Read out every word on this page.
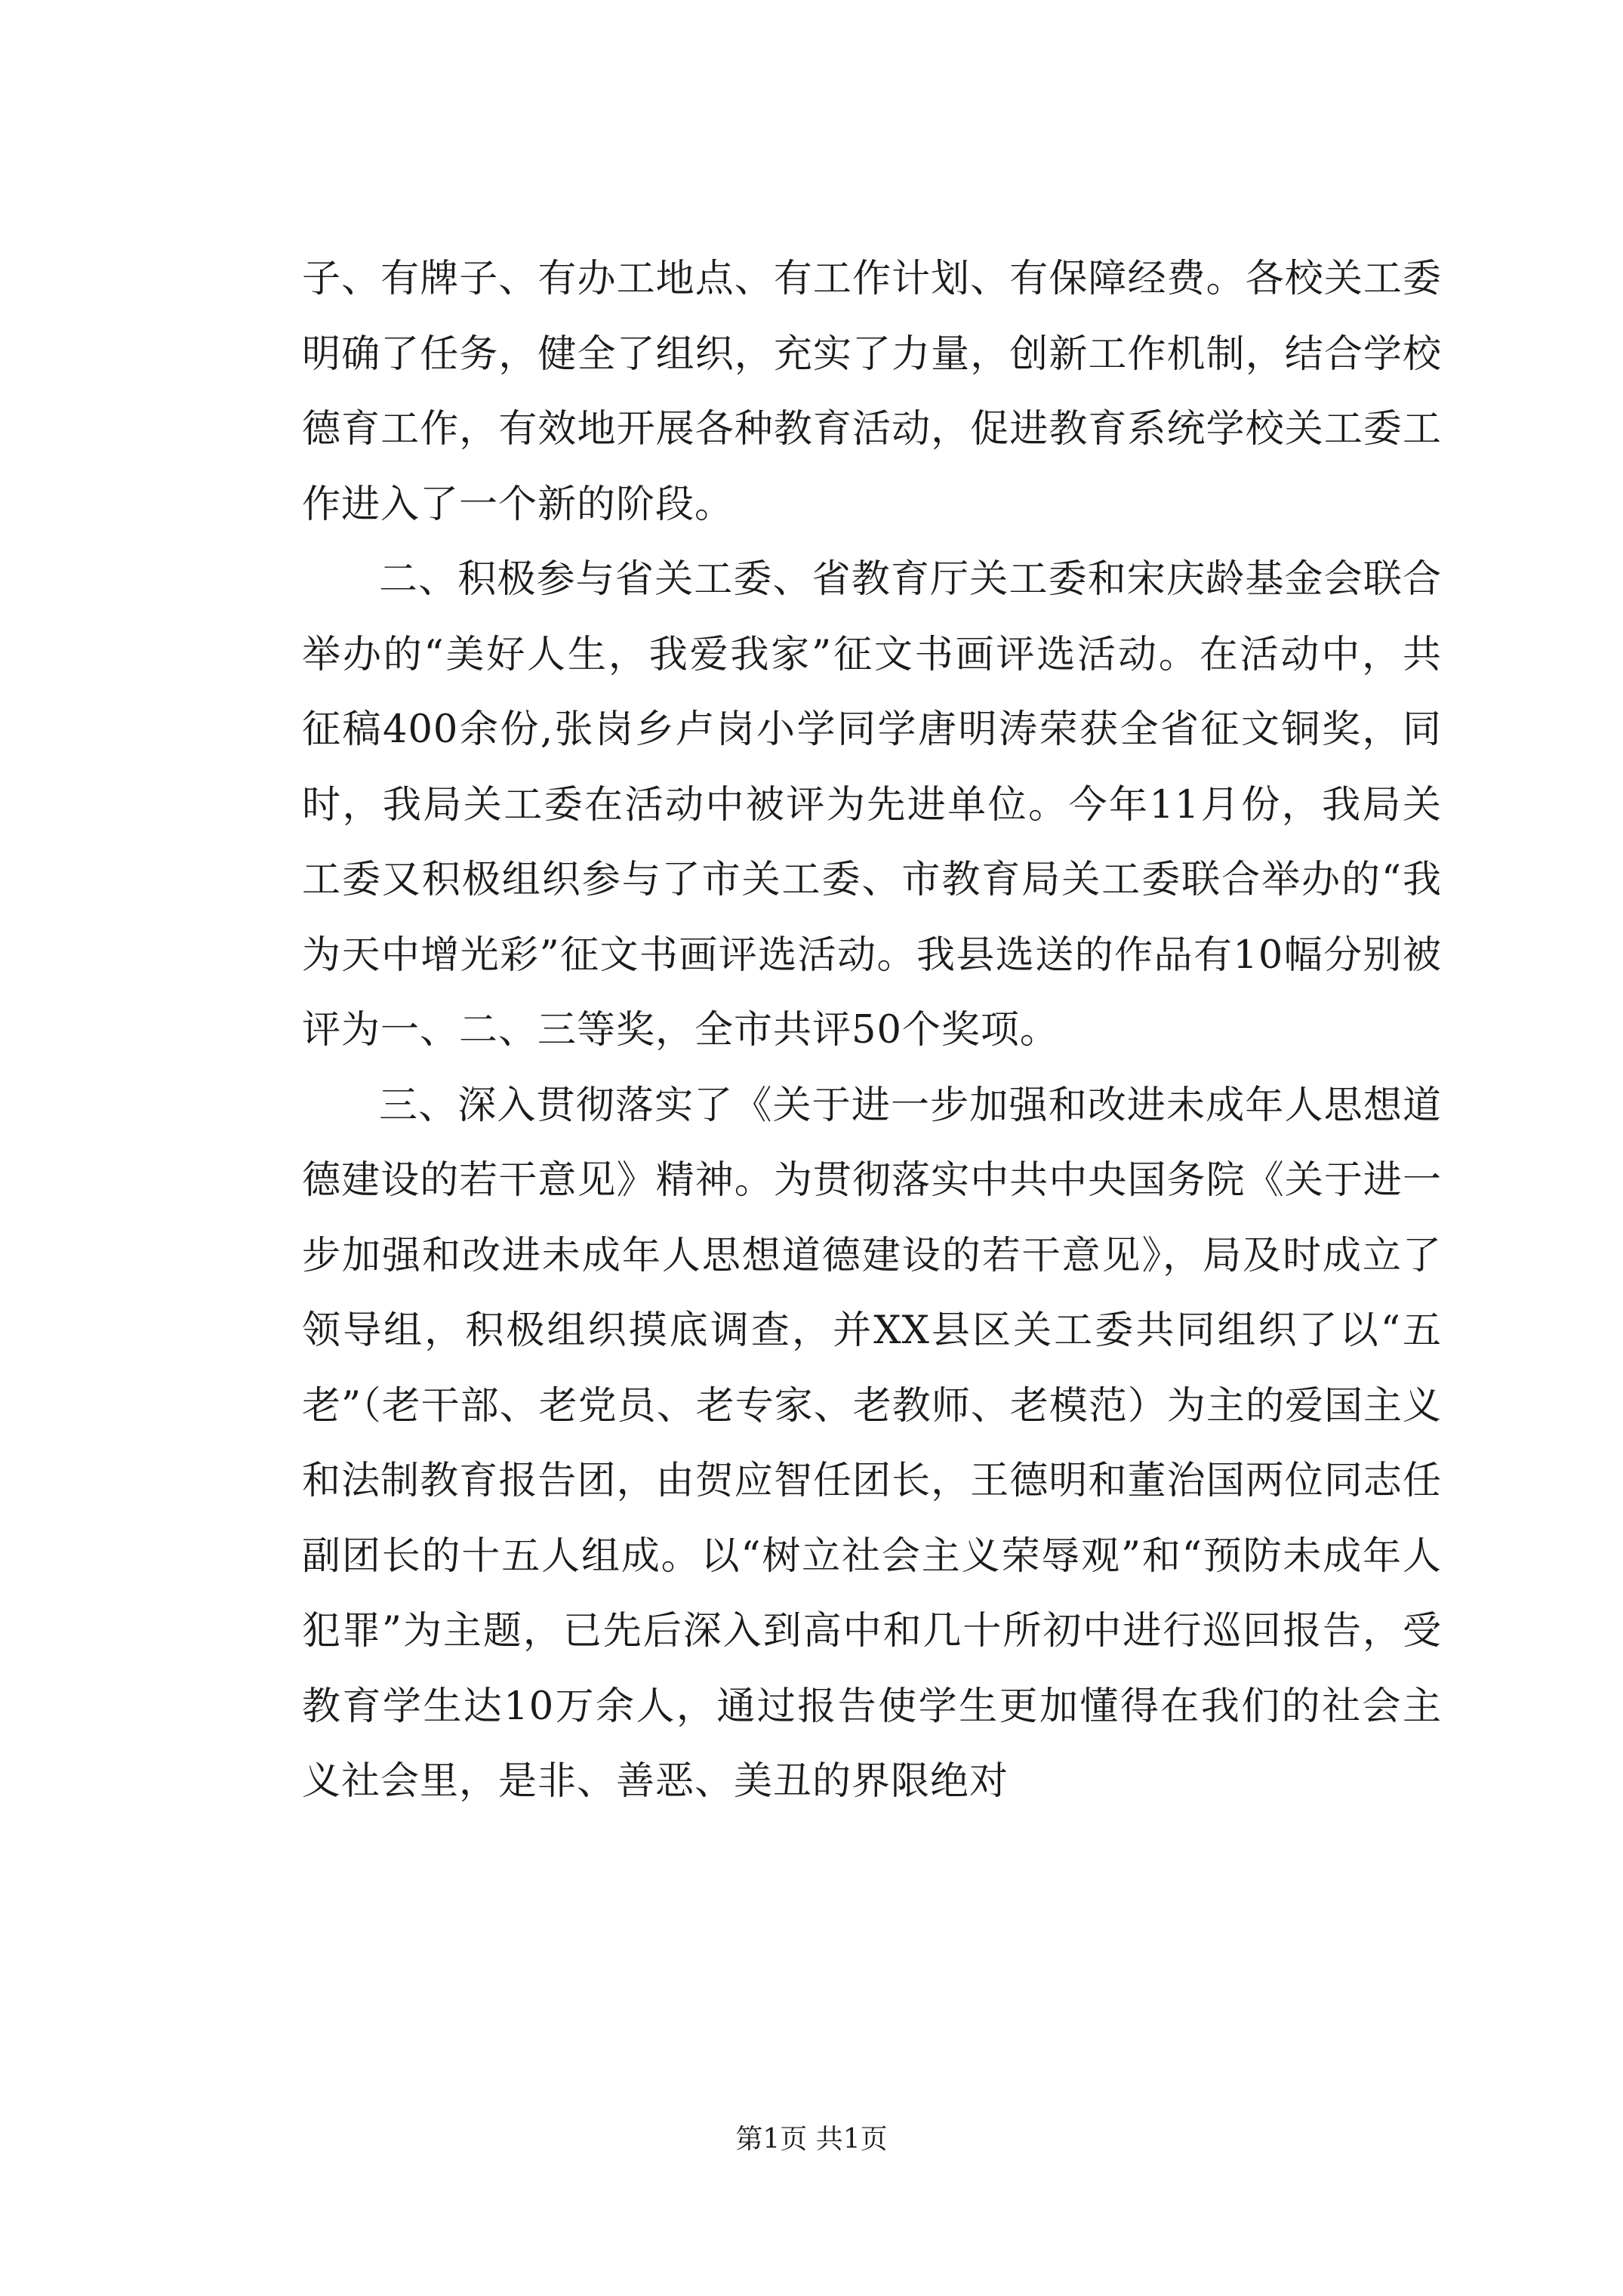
子、有牌子、有办工地点、有工作计划、有保障经费。各校关工委明确了任务，健全了组织，充实了力量，创新工作机制，结合学校德育工作，有效地开展各种教育活动，促进教育系统学校关工委工作进入了一个新的阶段。

二、积极参与省关工委、省教育厅关工委和宋庆龄基金会联合举办的“美好人生，我爱我家”征文书画评选活动。在活动中，共征稿400余份,张岗乡卢岗小学同学唐明涛荣获全省征文铜奖，同时，我局关工委在活动中被评为先进单位。今年11月份，我局关工委又积极组织参与了市关工委、市教育局关工委联合举办的“我为天中增光彩”征文书画评选活动。我县选送的作品有10幅分别被评为一、二、三等奖，全市共评50个奖项。

三、深入贯彻落实了《关于进一步加强和改进未成年人思想道德建设的若干意见》精神。为贯彻落实中共中央国务院《关于进一步加强和改进未成年人思想道德建设的若干意见》，局及时成立了领导组，积极组织摸底调查，并XX县区关工委共同组织了以“五老”（老干部、老党员、老专家、老教师、老模范）为主的爱国主义和法制教育报告团，由贺应智任团长，王德明和董治国两位同志任副团长的十五人组成。以“树立社会主义荣辱观”和“预防未成年人犯罪”为主题，已先后深入到高中和几十所初中进行巡回报告，受教育学生达10万余人，通过报告使学生更加懂得在我们的社会主义社会里，是非、善恶、美丑的界限绝对

第1页 共1页
